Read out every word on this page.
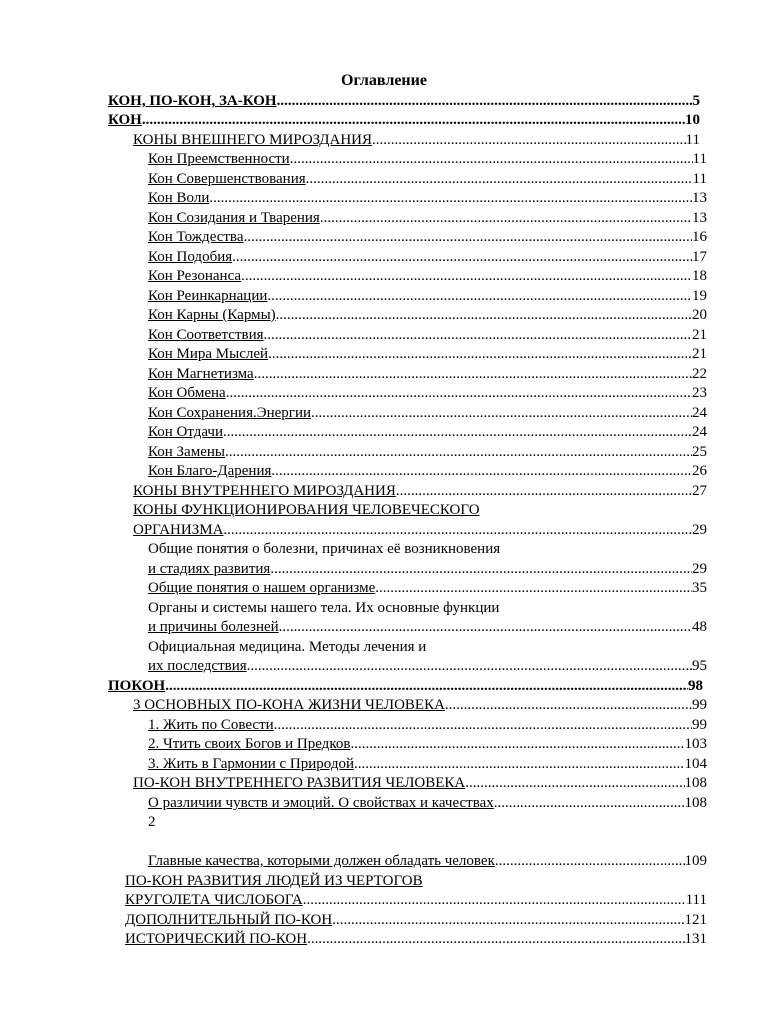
Оглавление
КОН, ПО-КОН, ЗА-КОН .....	5
КОН .....	10
КОНЫ ВНЕШНЕГО МИРОЗДАНИЯ .....	11
Кон Преемственности .....	11
Кон Совершенствования .....	11
Кон Воли .....	13
Кон Созидания и Тварения .....	13
Кон Тождества .....	16
Кон Подобия .....	17
Кон Резонанса .....	18
Кон Реинкарнации .....	19
Кон Карны (Кармы) .....	20
Кон Соответствия .....	21
Кон Мира Мыслей .....	21
Кон Магнетизма .....	22
Кон Обмена .....	23
Кон Сохранения.Энергии .....	24
Кон Отдачи .....	24
Кон Замены .....	25
Кон Благо-Дарения .....	26
КОНЫ ВНУТРЕННЕГО МИРОЗДАНИЯ .....	27
КОНЫ ФУНКЦИОНИРОВАНИЯ ЧЕЛОВЕЧЕСКОГО
ОРГАНИЗМА .....	29
Общие понятия о болезни, причинах её возникновения
и стадиях развития .....	29
Общие понятия о нашем организме .....	35
Органы и системы нашего тела. Их основные функции
и причины болезней .....	48
Официальная медицина. Методы лечения и
их последствия .....	95
ПОКОН .....	98
3 ОСНОВНЫХ ПО-КОНА ЖИЗНИ ЧЕЛОВЕКА .....	99
1. Жить по Совести .....	99
2. Чтить своих Богов и Предков .....	103
3. Жить в Гармонии с Природой .....	104
ПО-КОН ВНУТРЕННЕГО РАЗВИТИЯ ЧЕЛОВЕКА .....	108
О различии чувств и эмоций. О свойствах и качествах .....	108
2
Главные качества, которыми должен обладать человек .....	109
ПО-КОН РАЗВИТИЯ ЛЮДЕЙ ИЗ ЧЕРТОГОВ
КРУГОЛЕТА ЧИСЛОБОГА .....	111
ДОПОЛНИТЕЛЬНЫЙ ПО-КОН .....	121
ИСТОРИЧЕСКИЙ ПО-КОН .....	131
